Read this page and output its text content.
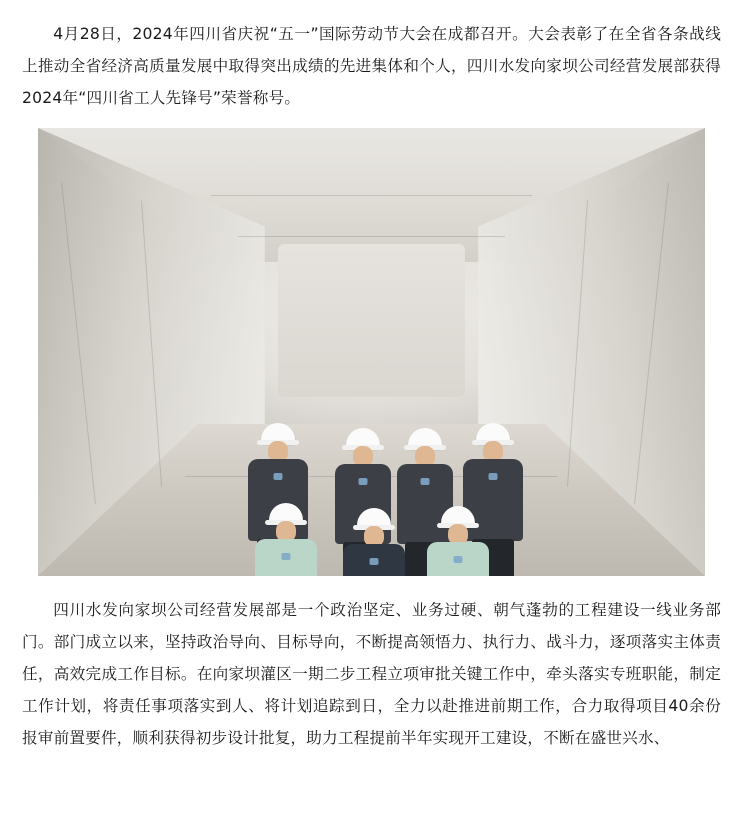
4月28日，2024年四川省庆祝“五一”国际劳动节大会在成都召开。大会表彰了在全省各条战线上推动全省经济高质量发展中取得突出成绩的先进集体和个人，四川水发向家坝公司经营发展部获得2024年“四川省工人先锋号”荣誉称号。

四川水发向家坝公司经营发展部是一个政治坚定、业务过硬、朝气蓬勃的工程建设一线业务部门。部门成立以来，坚持政治导向、目标导向，不断提高领悟力、执行力、战斗力，逐项落实主体责任，高效完成工作目标。在向家坝灌区一期二步工程立项审批关键工作中，牵头落实专班职能，制定工作计划，将责任事项落实到人、将计划追踪到日，全力以赴推进前期工作，合力取得项目40余份报审前置要件，顺利获得初步设计批复，助力工程提前半年实现开工建设，不断在盛世兴水、
